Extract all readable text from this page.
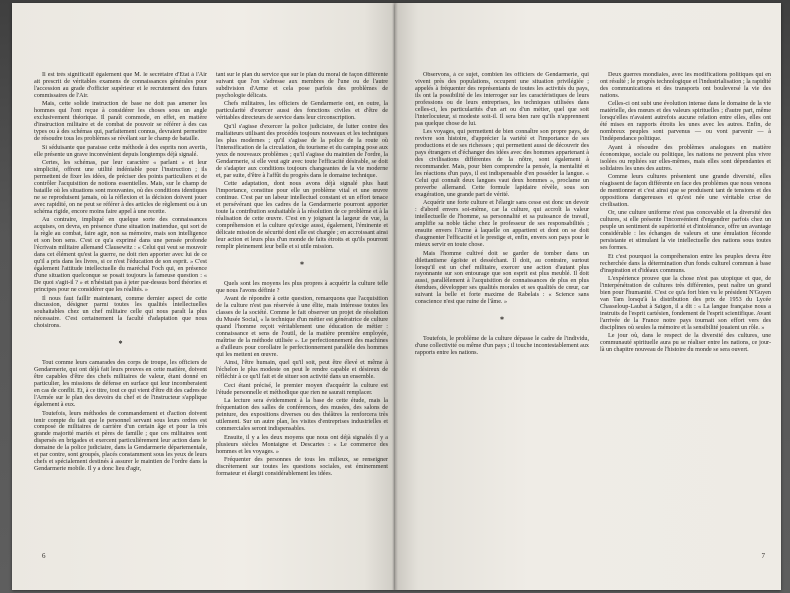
Il est très significatif également que M. le secrétaire d'État à l'Air ait prescrit de véritables examens de connaissances générales pour l'accession au grade d'officier supérieur et le recrutement des futurs commissaires de l'Air.

Mais, cette solide instruction de base ne doit pas amener les hommes qui l'ont reçue à considérer les choses sous un angle exclusivement théorique. Il paraît commode, en effet, en matière d'instruction militaire et de combat de pouvoir se référer à des cas types ou à des schémas qui, parfaitement connus, devraient permettre de résoudre tous les problèmes se révélant sur le champ de bataille.

Si séduisante que paraisse cette méthode à des esprits non avertis, elle présente un grave inconvénient depuis longtemps déjà signalé.

Certes, les schémas, par leur caractère « parlant » et leur simplicité, offrent une utilité indéniable pour l'instruction ; ils permettent de fixer les idées, de préciser des points particuliers et de contrôler l'acquisition de notions essentielles. Mais, sur le champ de bataille où les situations sont mouvantes, où des conditions identiques ne se reproduisent jamais, où la réflexion et la décision doivent jouer avec rapidité, on ne peut se référer à des articles de règlement ou à un schéma rigide, encore moins faire appel à une recette.

Au contraire, impliqué en quelque sorte des connaissances acquises, on devra, en présence d'une situation inattendue, qui sort de la règle au combat, faire agir, non sa mémoire, mais son intelligence et son bon sens. C'est ce qu'a exprimé dans une pensée profonde l'écrivain militaire allemand Clausewitz : « Celui qui veut se mouvoir dans cet élément qu'est la guerre, ne doit rien apporter avec lui de ce qu'il a pris dans les livres, si ce n'est l'éducation de son esprit. » C'est également l'attitude intellectuelle du maréchal Foch qui, en présence d'une situation quelconque se posait toujours la fameuse question : « De quoi s'agit-il ? » et n'hésitait pas à jeter par-dessus bord théories et principes pour ne considérer que les réalités. »

Il nous faut faillir maintenant, comme dernier aspect de cette discussion, désigner parmi toutes les qualités intellectuelles souhaitables chez un chef militaire celle qui nous paraît la plus nécessaire. C'est certainement la faculté d'adaptation que nous choisirons.

*

Tout comme leurs camarades des corps de troupe, les officiers de Gendarmerie, qui ont déjà fait leurs preuves en cette matière, doivent être capables d'être des chefs militaires de valeur, étant donné en particulier, les missions de défense en surface qui leur incomberaient en cas de conflit. Et, à ce titre, tout ce qui vient d'être dit des cadres de l'Armée sur le plan des devoirs du chef et de l'instructeur s'applique également à eux.

Toutefois, leurs méthodes de commandement et d'action doivent tenir compte du fait que le personnel servant sous leurs ordres est composé de militaires de carrière d'un certain âge et pour la très grande majorité mariés et pères de famille ; que ces militaires sont dispersés en brigades et exercent particulièrement leur action dans le domaine de la police judiciaire, dans la Gendarmerie départementale, et par contre, sont groupés, placés constamment sous les yeux de leurs chefs et spécialement destinés à assurer le maintien de l'ordre dans la Gendarmerie mobile. Il y a donc lieu d'agir,

tant sur le plan du service que sur le plan du moral de façon différente suivant que l'on s'adresse aux membres de l'une ou de l'autre subdivision d'Arme et cela pose parfois des problèmes de psychologie délicats.

Chefs militaires, les officiers de Gendarmerie ont, en outre, la particularité d'exercer aussi des fonctions civiles et d'être de véritables directeurs de service dans leur circonscription.

Qu'il s'agisse d'exercer la police judiciaire, de lutter contre des malfaiteurs utilisant des procédés toujours nouveaux et les techniques les plus modernes ; qu'il s'agisse de la police de la route où l'intensification de la circulation, du tourisme et du camping pose aux yeux de nouveaux problèmes ; qu'il s'agisse du maintien de l'ordre, la Gendarmerie, si elle veut agir avec toute l'efficacité désirable, se doit de s'adapter aux conditions toujours changeantes de la vie moderne et, par suite, d'être à l'affût du progrès dans le domaine technique.

Cette adaptation, dont nous avons déjà signalé plus haut l'importance, constitue pour elle un problème vital et une œuvre continue. C'est par un labeur intellectuel constant et un effort tenace et persévérant que les cadres de la Gendarmerie pourront apporter toute la contribution souhaitable à la résolution de ce problème et à la réalisation de cette œuvre. C'est en y joignant la largeur de vue, la compréhension et la culture qu'exige aussi, également, l'éminente et délicate mission de sécurité dont elle est chargée ; en accroissant ainsi leur action et leurs plus d'un monde de faits étroits et qu'ils pourront remplir pleinement leur belle et si utile mission.

*

Quels sont les moyens les plus propres à acquérir la culture telle que nous l'avons définie ?

Avant de répondre à cette question, remarquons que l'acquisition de la culture n'est pas réservée à une élite, mais intéresse toutes les classes de la société. Comme le fait observer un projet de résolution du Musée Social, « la technique d'un métier est génératrice de culture quand l'homme reçoit véritablement une éducation de métier : connaissance et sens de l'outil, de la matière première employée, maîtrise de la méthode utilisée ». Le perfectionnement des machines a d'ailleurs pour corollaire le perfectionnement parallèle des hommes qui les mettent en œuvre.

Ainsi, l'être humain, quel qu'il soit, peut être élevé et même à l'échelon le plus modeste on peut le rendre capable et désireux de réfléchir à ce qu'il fait et de situer son activité dans un ensemble.

Ceci étant précisé, le premier moyen d'acquérir la culture est l'étude personnelle et méthodique que rien ne saurait remplacer.

La lecture sera évidemment à la base de cette étude, mais la fréquentation des salles de conférences, des musées, des salons de peinture, des expositions diverses ou des théâtres la renforcera très utilement. Sur un autre plan, les visites d'entreprises industrielles et commerciales seront indispensables.

Ensuite, il y a les deux moyens que nous ont déjà signalés il y a plusieurs siècles Montaigne et Descartes : « Le commerce des hommes et les voyages. »

Fréquenter des personnes de tous les milieux, se renseigner discrètement sur toutes les questions sociales, est éminemment formateur et élargit considérablement les idées.

6

Observons, à ce sujet, combien les officiers de Gendarmerie, qui vivent près des populations, occupent une situation privilégiée ; appelés à fréquenter des représentants de toutes les activités du pays, ils ont la possibilité de les interroger sur les caractéristiques de leurs professions ou de leurs entreprises, les techniques utilisées dans celles-ci, les particularités d'un art ou d'un métier, quel que soit l'interlocuteur, si modeste soit-il. Il sera bien rare qu'ils n'apprennent pas quelque chose de lui.

Les voyages, qui permettent de bien connaître son propre pays, de revivre son histoire, d'apprécier la variété et l'importance de ses productions et de ses richesses ; qui permettent aussi de découvrir des pays étrangers et d'échanger des idées avec des hommes appartenant à des civilisations différentes de la nôtre, sont également à recommander. Mais, pour bien comprendre la pensée, la mentalité et les réactions d'un pays, il est indispensable d'en posséder la langue. « Celui qui connaît deux langues vaut deux hommes », proclame un proverbe allemand. Cette formule lapidaire révèle, sous son exagération, une grande part de vérité.

Acquérir une forte culture et l'élargir sans cesse est donc un devoir : d'abord envers soi-même, car la culture, qui accroît la valeur intellectuelle de l'homme, sa personnalité et sa puissance de travail, amplifie sa noble tâche chez le professeur de ses responsabilités ; ensuite envers l'Arme à laquelle on appartient et dont on se doit d'augmenter l'efficacité et le prestige et, enfin, envers son pays pour le mieux servir en toute chose.

Mais l'homme cultivé doit se garder de tomber dans un dilettantisme égoïste et desséchant. Il doit, au contraire, surtout lorsqu'il est un chef militaire, exercer une action d'autant plus rayonnante sur son entourage que son esprit est plus meublé. Il doit aussi, parallèlement à l'acquisition de connaissances de plus en plus étendues, développer ses qualités morales et ses qualités de cœur, car suivant la belle et forte maxime de Rabelais : « Science sans conscience n'est que ruine de l'âme. »

*

Toutefois, le problème de la culture dépasse le cadre de l'individu, d'une collectivité ou même d'un pays ; il touche incontestablement aux rapports entre les nations.

Deux guerres mondiales, avec les modifications politiques qui en ont résulté ; le progrès technologique et l'industrialisation ; la rapidité des communications et des transports ont bouleversé la vie des nations.

Celles-ci ont subi une évolution intense dans le domaine de la vie matérielle, des mœurs et des valeurs spirituelles ; d'autre part, même lorsqu'elles n'avaient autrefois aucune relation entre elles, elles ont été mises en rapports étroits les unes avec les autres. Enfin, de nombreux peuples sont parvenus — ou vont parvenir — à l'indépendance politique.

Ayant à résoudre des problèmes analogues en matière économique, sociale ou politique, les nations ne peuvent plus vivre isolées ou repliées sur elles-mêmes, mais elles sont dépendantes et solidaires les unes des autres.

Comme leurs cultures présentent une grande diversité, elles réagissent de façon différente en face des problèmes que nous venons de mentionner et c'est ainsi que se produisent tant de tensions et des oppositions dangereuses et qu'est née une véritable crise de civilisation.

Or, une culture uniforme n'est pas concevable et la diversité des cultures, si elle présente l'inconvénient d'engendrer parfois chez un peuple un sentiment de supériorité et d'intolérance, offre un avantage considérable : les échanges de valeurs et une émulation féconde persistante et stimulant la vie intellectuelle des nations sous toutes ses formes.

Et c'est pourquoi la compréhension entre les peuples devra être recherchée dans la détermination d'un fonds culturel commun à base d'inspiration et d'idéaux communs.

L'expérience prouve que la chose n'est pas utopique et que, de l'interpénétration de cultures très différentes, peut naître un grand bien pour l'humanité. C'est ce qu'a fort bien vu le président N'Guyen van Tam lorsqu'à la distribution des prix de 1953 du Lycée Chasseloup-Laubat à Saïgon, il a dit : « La langue française nous a instruits de l'esprit cartésien, fondement de l'esprit scientifique. Avant l'arrivée de la France notre pays tournait son effort vers des disciplines où seules la mémoire et la sensibilité jouaient un rôle. »

Le jour où, dans le respect de la diversité des cultures, une communauté spirituelle aura pu se réaliser entre les nations, ce jour-là un chapitre nouveau de l'histoire du monde se sera ouvert.

7
